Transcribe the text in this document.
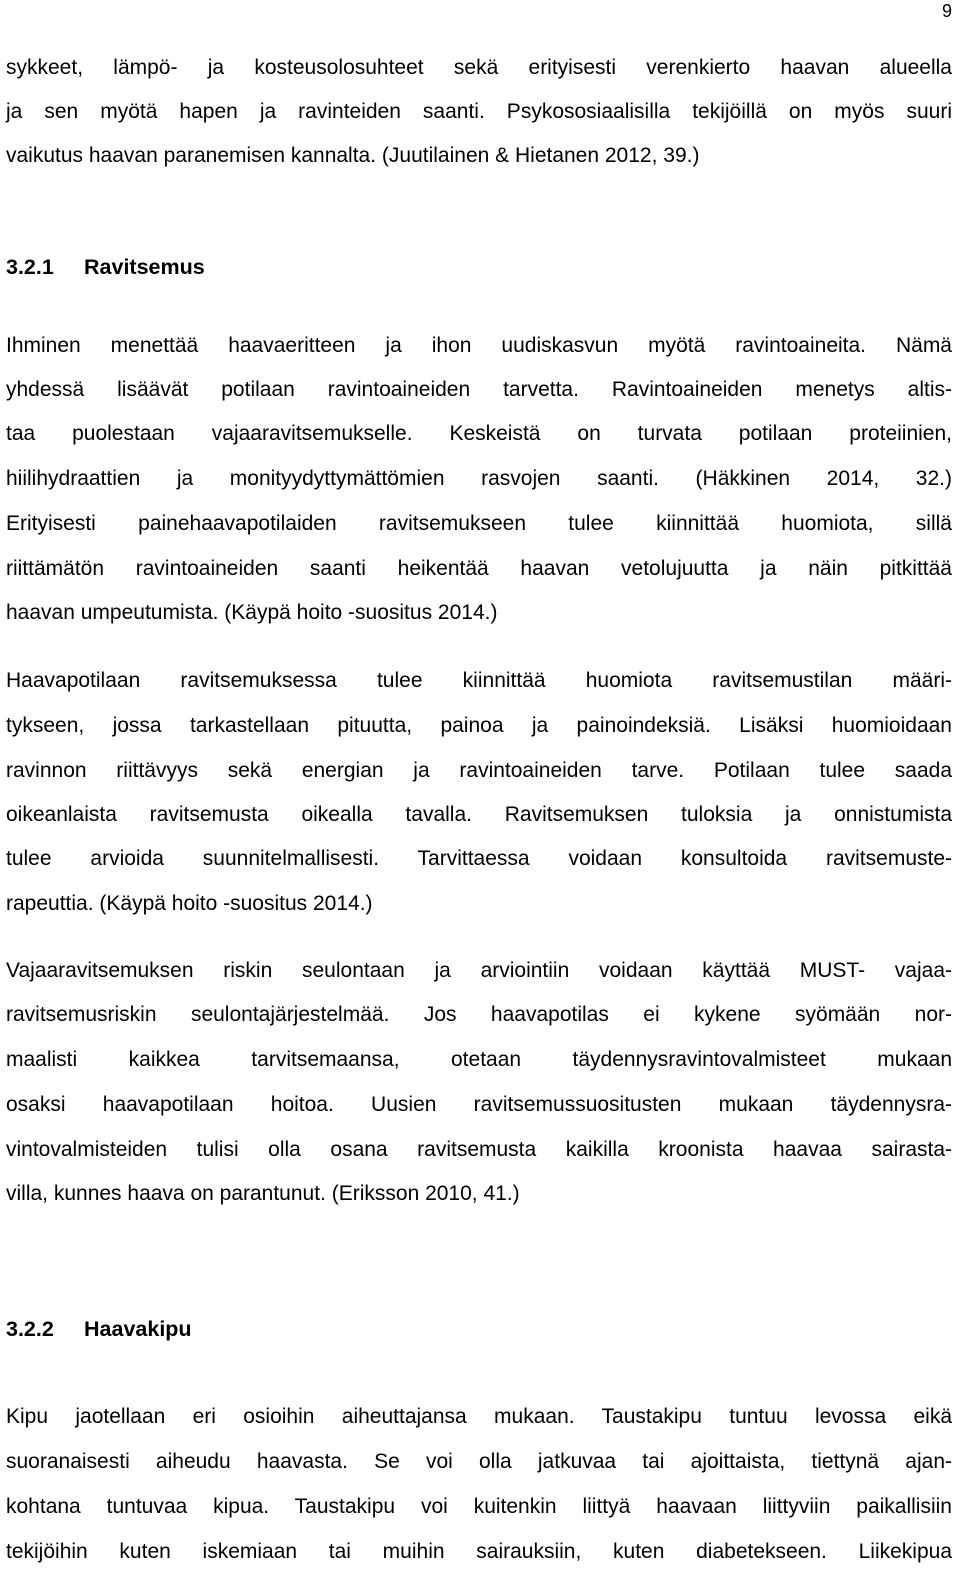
9
sykkeet, lämpö- ja kosteusolosuhteet sekä erityisesti verenkierto haavan alueella
ja sen myötä hapen ja ravinteiden saanti. Psykososiaalisilla tekijöillä on myös suuri
vaikutus haavan paranemisen kannalta. (Juutilainen & Hietanen 2012, 39.)
3.2.1 Ravitsemus
Ihminen menettää haavaeritteen ja ihon uudiskasvun myötä ravintoaineita. Nämä
yhdessä lisäävät potilaan ravintoaineiden tarvetta. Ravintoaineiden menetys altis-
taa puolestaan vajaaravitsemukselle. Keskeistä on turvata potilaan proteiinien,
hiilihydraattien ja monityydyttymättömien rasvojen saanti. (Häkkinen 2014, 32.)
Erityisesti painehaavapotilaiden ravitsemukseen tulee kiinnittää huomiota, sillä
riittämätön ravintoaineiden saanti heikentää haavan vetolujuutta ja näin pitkittää
haavan umpeutumista. (Käypä hoito -suositus 2014.)
Haavapotilaan ravitsemuksessa tulee kiinnittää huomiota ravitsemustilan määri-
tykseen, jossa tarkastellaan pituutta, painoa ja painoindeksiä. Lisäksi huomioidaan
ravinnon riittävyys sekä energian ja ravintoaineiden tarve. Potilaan tulee saada
oikeanlaista ravitsemusta oikealla tavalla. Ravitsemuksen tuloksia ja onnistumista
tulee arvioida suunnitelmallisesti. Tarvittaessa voidaan konsultoida ravitsemuste-
rapeuttia. (Käypä hoito -suositus 2014.)
Vajaaravitsemuksen riskin seulontaan ja arviointiin voidaan käyttää MUST- vajaa-
ravitsemusriskin seulontajärjestelmää. Jos haavapotilas ei kykene syömään nor-
maalisti kaikkea tarvitsemaansa, otetaan täydennysravintovalmisteet mukaan
osaksi haavapotilaan hoitoa. Uusien ravitsemussuositusten mukaan täydennysra-
vintovalmisteiden tulisi olla osana ravitsemusta kaikilla kroonista haavaa sairasta-
villa, kunnes haava on parantunut. (Eriksson 2010, 41.)
3.2.2 Haavakipu
Kipu jaotellaan eri osioihin aiheuttajansa mukaan. Taustakipu tuntuu levossa eikä
suoranaisesti aiheudu haavasta. Se voi olla jatkuvaa tai ajoittaista, tiettynä ajan-
kohtana tuntuvaa kipua. Taustakipu voi kuitenkin liittyä haavaan liittyviin paikallisiin
tekijöihin kuten iskemiaan tai muihin sairauksiin, kuten diabetekseen. Liikekipua
